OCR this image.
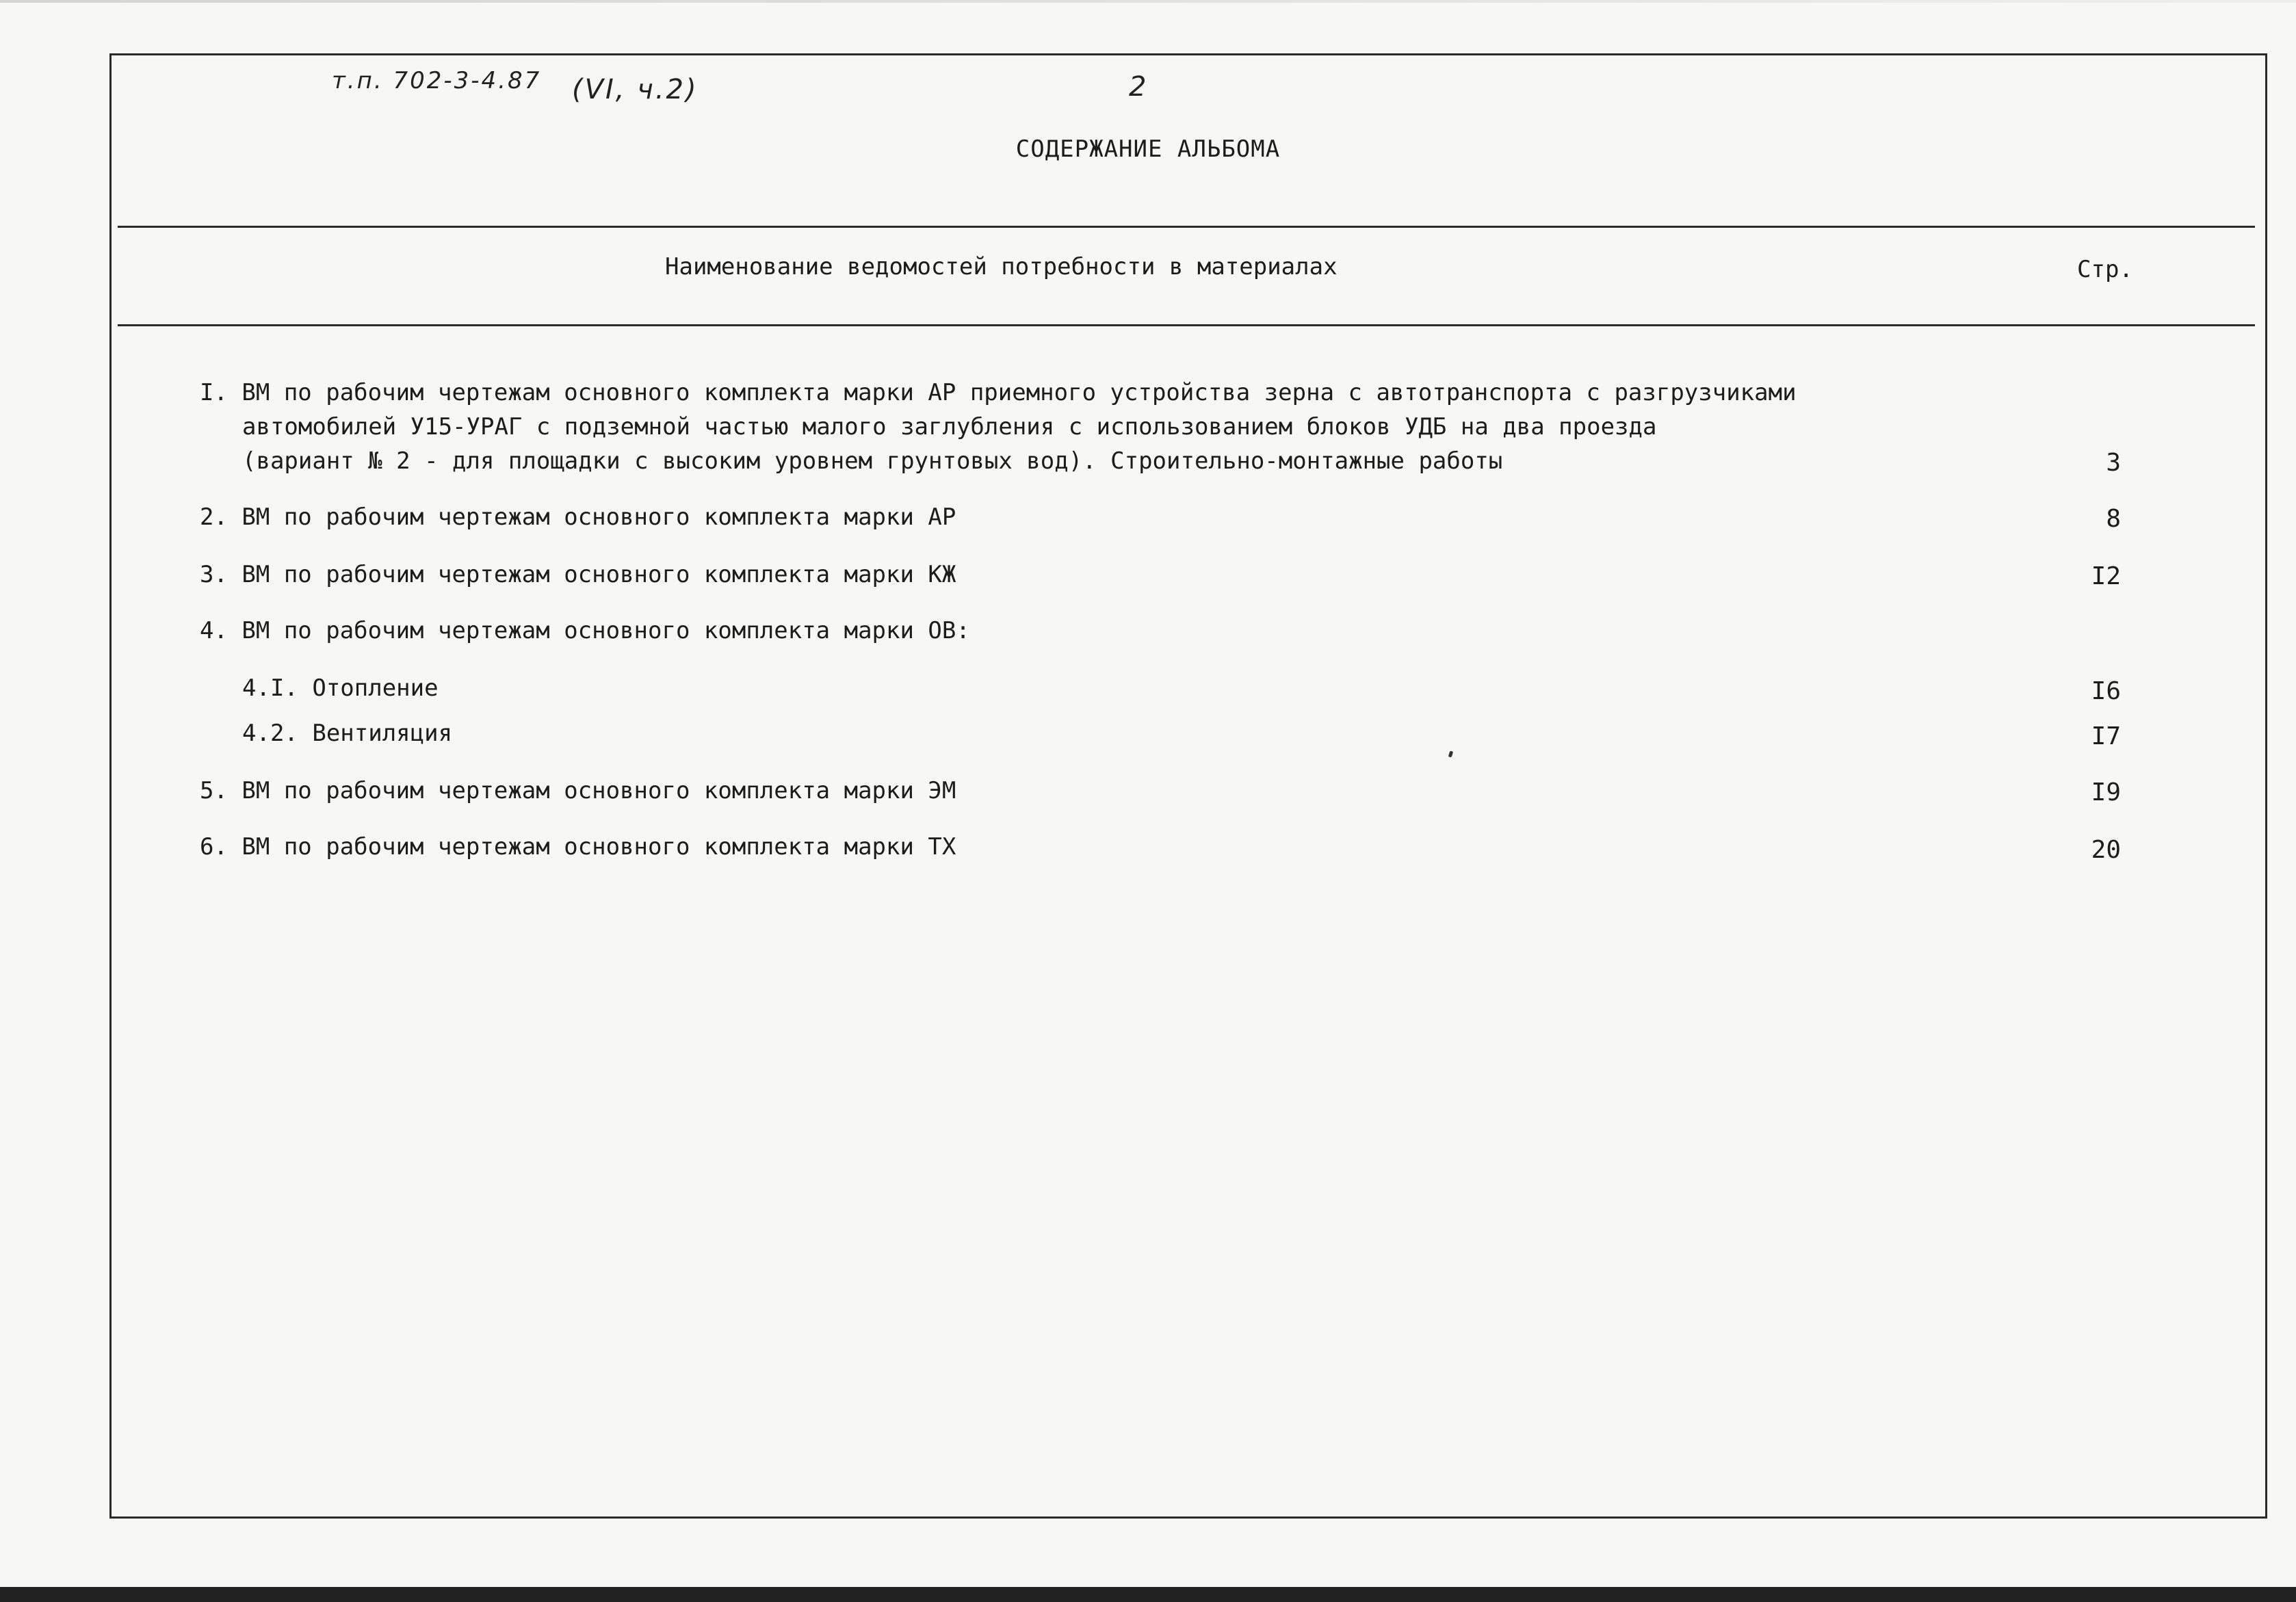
т.п. 702-3-4.87 (VI, ч.2)	2
СОДЕРЖАНИЕ АЛЬБОМА
Наименование ведомостей потребности в материалах	Стр.
I. ВМ по рабочим чертежам основного комплекта марки АР приемного устройства зерна с автотранспорта с разгрузчиками
автомобилей У15-УРАГ с подземной частью малого заглубления с использованием блоков УДБ на два проезда
(вариант № 2 - для площадки с высоким уровнем грунтовых вод). Строительно-монтажные работы	3
2. ВМ по рабочим чертежам основного комплекта марки АР	8
3. ВМ по рабочим чертежам основного комплекта марки КЖ	I2
4. ВМ по рабочим чертежам основного комплекта марки ОВ:
4.I. Отопление	I6
4.2. Вентиляция	I7
5. ВМ по рабочим чертежам основного комплекта марки ЭМ	I9
6. ВМ по рабочим чертежам основного комплекта марки ТХ	20
